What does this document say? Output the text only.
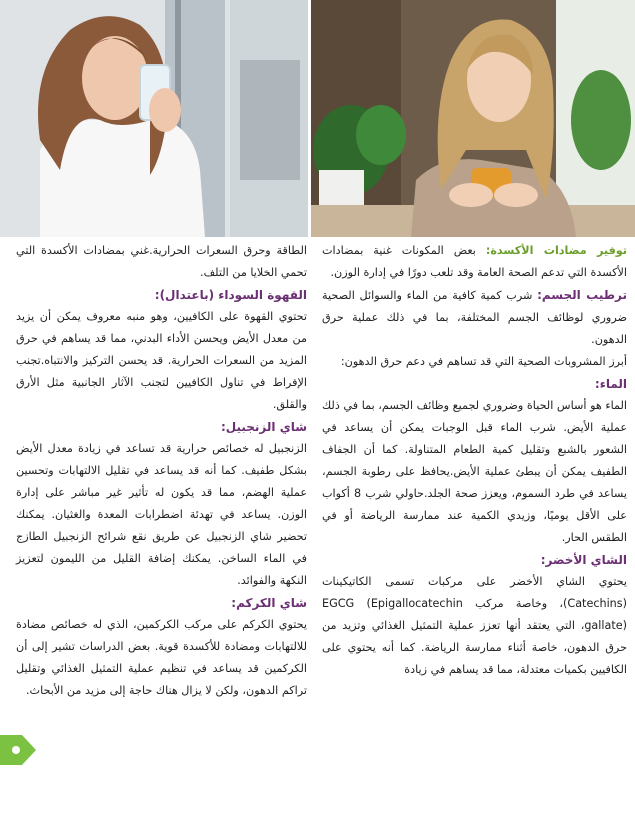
توفير مضادات الأكسدة: بعض المكونات غنية بمضادات الأكسدة التي تدعم الصحة العامة وقد تلعب دورًا في إدارة الوزن.

ترطيب الجسم: شرب كمية كافية من الماء والسوائل الصحية ضروري لوظائف الجسم المختلفة، بما في ذلك عملية حرق الدهون.

أبرز المشروبات الصحية التي قد تساهم في دعم حرق الدهون:

الماء:

الماء هو أساس الحياة وضروري لجميع وظائف الجسم، بما في ذلك عملية الأيض. شرب الماء قبل الوجبات يمكن أن يساعد في الشعور بالشبع وتقليل كمية الطعام المتناولة. كما أن الجفاف الطفيف يمكن أن يبطئ عملية الأيض.يحافظ على رطوبة الجسم، يساعد في طرد السموم، ويعزز صحة الجلد.حاولي شرب 8 أكواب على الأقل يوميًا، وزيدي الكمية عند ممارسة الرياضة أو في الطقس الحار.

الشاي الأخضر:

يحتوي الشاي الأخضر على مركبات تسمى الكاتيكينات (Catechins)، وخاصة مركب EGCG (Epigallocatechin gallate)، التي يعتقد أنها تعزز عملية التمثيل الغذائي وتزيد من حرق الدهون، خاصة أثناء ممارسة الرياضة. كما أنه يحتوي على الكافيين بكميات معتدلة، مما قد يساهم في زيادة

الطاقة وحرق السعرات الحرارية.غني بمضادات الأكسدة التي تحمي الخلايا من التلف.

القهوة السوداء (باعتدال):

تحتوي القهوة على الكافيين، وهو منبه معروف يمكن أن يزيد من معدل الأيض ويحسن الأداء البدني، مما قد يساهم في حرق المزيد من السعرات الحرارية. قد يحسن التركيز والانتباه.تجنب الإفراط في تناول الكافيين لتجنب الآثار الجانبية مثل الأرق والقلق.

شاي الزنجبيل:

الزنجبيل له خصائص حرارية قد تساعد في زيادة معدل الأيض بشكل طفيف. كما أنه قد يساعد في تقليل الالتهابات وتحسين عملية الهضم، مما قد يكون له تأثير غير مباشر على إدارة الوزن. يساعد في تهدئة اضطرابات المعدة والغثيان. يمكنك تحضير شاي الزنجبيل عن طريق نقع شرائح الزنجبيل الطازج في الماء الساخن. يمكنك إضافة القليل من الليمون لتعزيز النكهة والفوائد.

شاي الكركم:

يحتوي الكركم على مركب الكركمين، الذي له خصائص مضادة للالتهابات ومضادة للأكسدة قوية. بعض الدراسات تشير إلى أن الكركمين قد يساعد في تنظيم عملية التمثيل الغذائي وتقليل تراكم الدهون، ولكن لا يزال هناك حاجة إلى مزيد من الأبحاث.
